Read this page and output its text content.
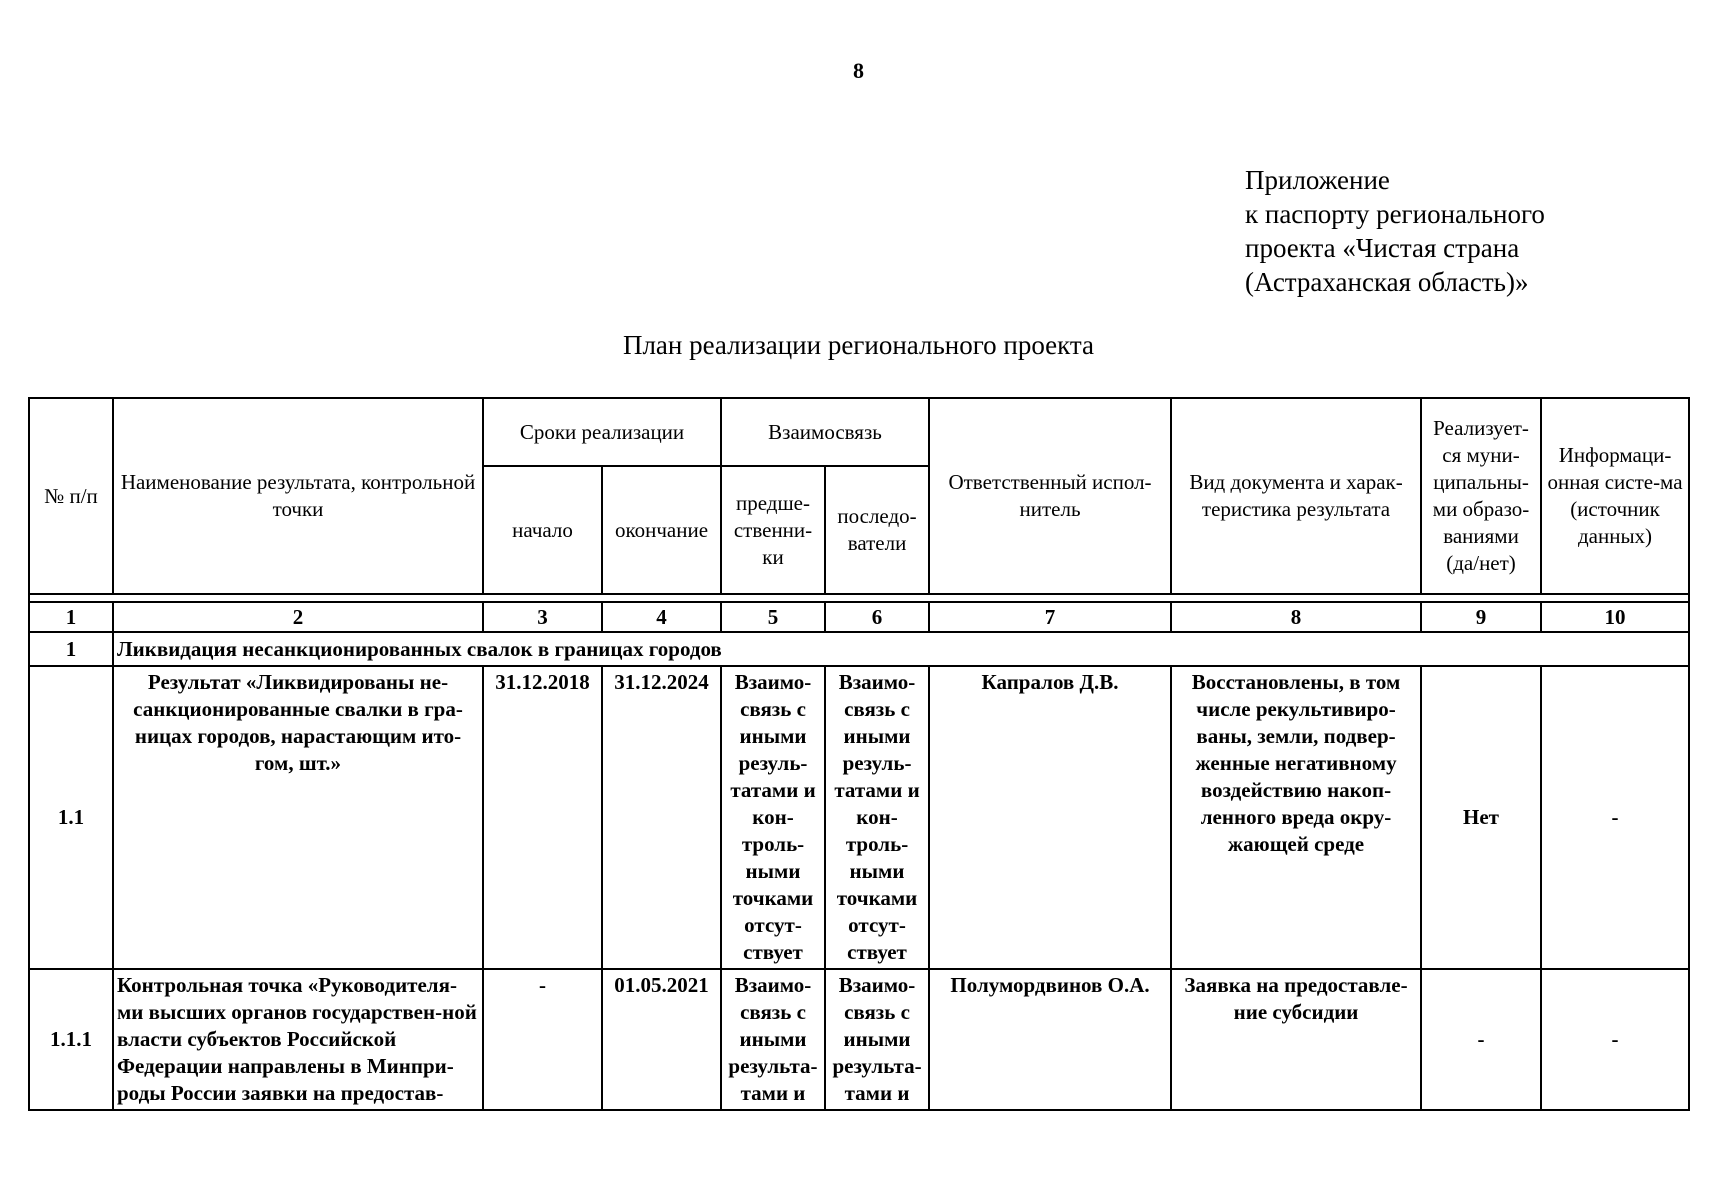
8
Приложение
к паспорту регионального
проекта «Чистая страна
(Астраханская область)»
План реализации регионального проекта
№ п/п	Наименование результата, контрольной точки	Сроки реализации		Взаимосвязь		Ответственный испол-нитель	Вид документа и харак-теристика результата	Реализует-ся муни-ципальны-ми образо-ваниями (да/нет)	Информаци-онная систе-ма (источник данных)
		начало	окончание	предше-ственни-ки	последо-ватели				

1	2	3	4	5	6	7	8	9	10
1	Ликвидация несанкционированных свалок в границах городов								
1.1	Результат «Ликвидированы не-санкционированные свалки в гра-ницах городов, нарастающим ито-гом, шт.»	31.12.2018	31.12.2024	Взаимо-связь с иными резуль-татами и кон-троль-ными точками отсут-ствует	Взаимо-связь с иными резуль-татами и кон-троль-ными точками отсут-ствует	Капралов Д.В.	Восстановлены, в том числе рекультивиро-ваны, земли, подвер-женные негативному воздействию накоп-ленного вреда окру-жающей среде	Нет	-
1.1.1	Контрольная точка «Руководителя-ми высших органов государствен-ной власти субъектов Российской Федерации направлены в Минпри-роды России заявки на предостав-	-	01.05.2021	Взаимо-связь с иными результа-тами и	Взаимо-связь с иными результа-тами и	Полумордвинов О.А.	Заявка на предоставле-ние субсидии	-	-
